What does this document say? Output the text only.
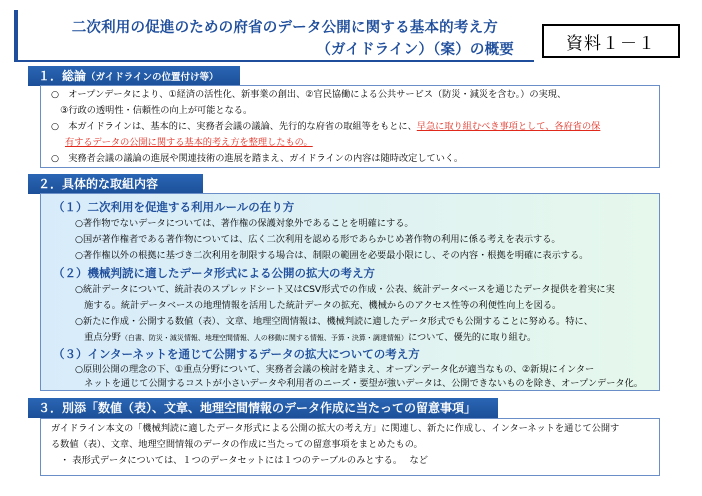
二次利用の促進のための府省のデータ公開に関する基本的考え方
（ガイドライン）（案）の概要	資料１－１
１．総論（ガイドラインの位置付け等）
○　オープンデータにより、①経済の活性化、新事業の創出、②官民協働による公共サービス（防災・減災を含む。）の実現、
　③行政の透明性・信頼性の向上が可能となる。
○　本ガイドラインは、基本的に、実務者会議の議論、先行的な府省の取組等をもとに、早急に取り組むべき事項として、各府省の保
有するデータの公開に関する基本的考え方を整理したもの。
○　実務者会議の議論の進展や関連技術の進展を踏まえ、ガイドラインの内容は随時改定していく。
２．具体的な取組内容
（１）二次利用を促進する利用ルールの在り方
○著作物でないデータについては、著作権の保護対象外であることを明確にする。
○国が著作権者である著作物については、広く二次利用を認める形であらかじめ著作物の利用に係る考えを表示する。
○著作権以外の根拠に基づき二次利用を制限する場合は、制限の範囲を必要最小限にし、その内容・根拠を明確に表示する。
（２）機械判読に適したデータ形式による公開の拡大の考え方
○統計データについて、統計表のスプレッドシート又はCSV形式での作成・公表、統計データベースを通じたデータ提供を着実に実
　施する。統計データベースの地理情報を活用した統計データの拡充、機械からのアクセス性等の利便性向上を図る。
○新たに作成・公開する数値（表）、文章、地理空間情報は、機械判読に適したデータ形式でも公開することに努める。特に、
　重点分野（白書、防災・減災情報、地理空間情報、人の移動に関する情報、予算・決算・調達情報）について、優先的に取り組む。
（３）インターネットを通じて公開するデータの拡大についての考え方
○原則公開の理念の下、①重点分野について、実務者会議の検討を踏まえ、オープンデータ化が適当なもの、②新規にインター
　ネットを通じて公開するコストが小さいデータや利用者のニーズ・要望が強いデータは、公開できないものを除き、オープンデータ化。
３．別添「数値（表）、文章、地理空間情報のデータ作成に当たっての留意事項」
ガイドライン本文の「機械判読に適したデータ形式による公開の拡大の考え方」に関連し、新たに作成し、インターネットを通じて公開す
る数値（表）、文章、地理空間情報のデータの作成に当たっての留意事項をまとめたもの。
　・ 表形式データについては、１つのデータセットには１つのテーブルのみとする。　 など
